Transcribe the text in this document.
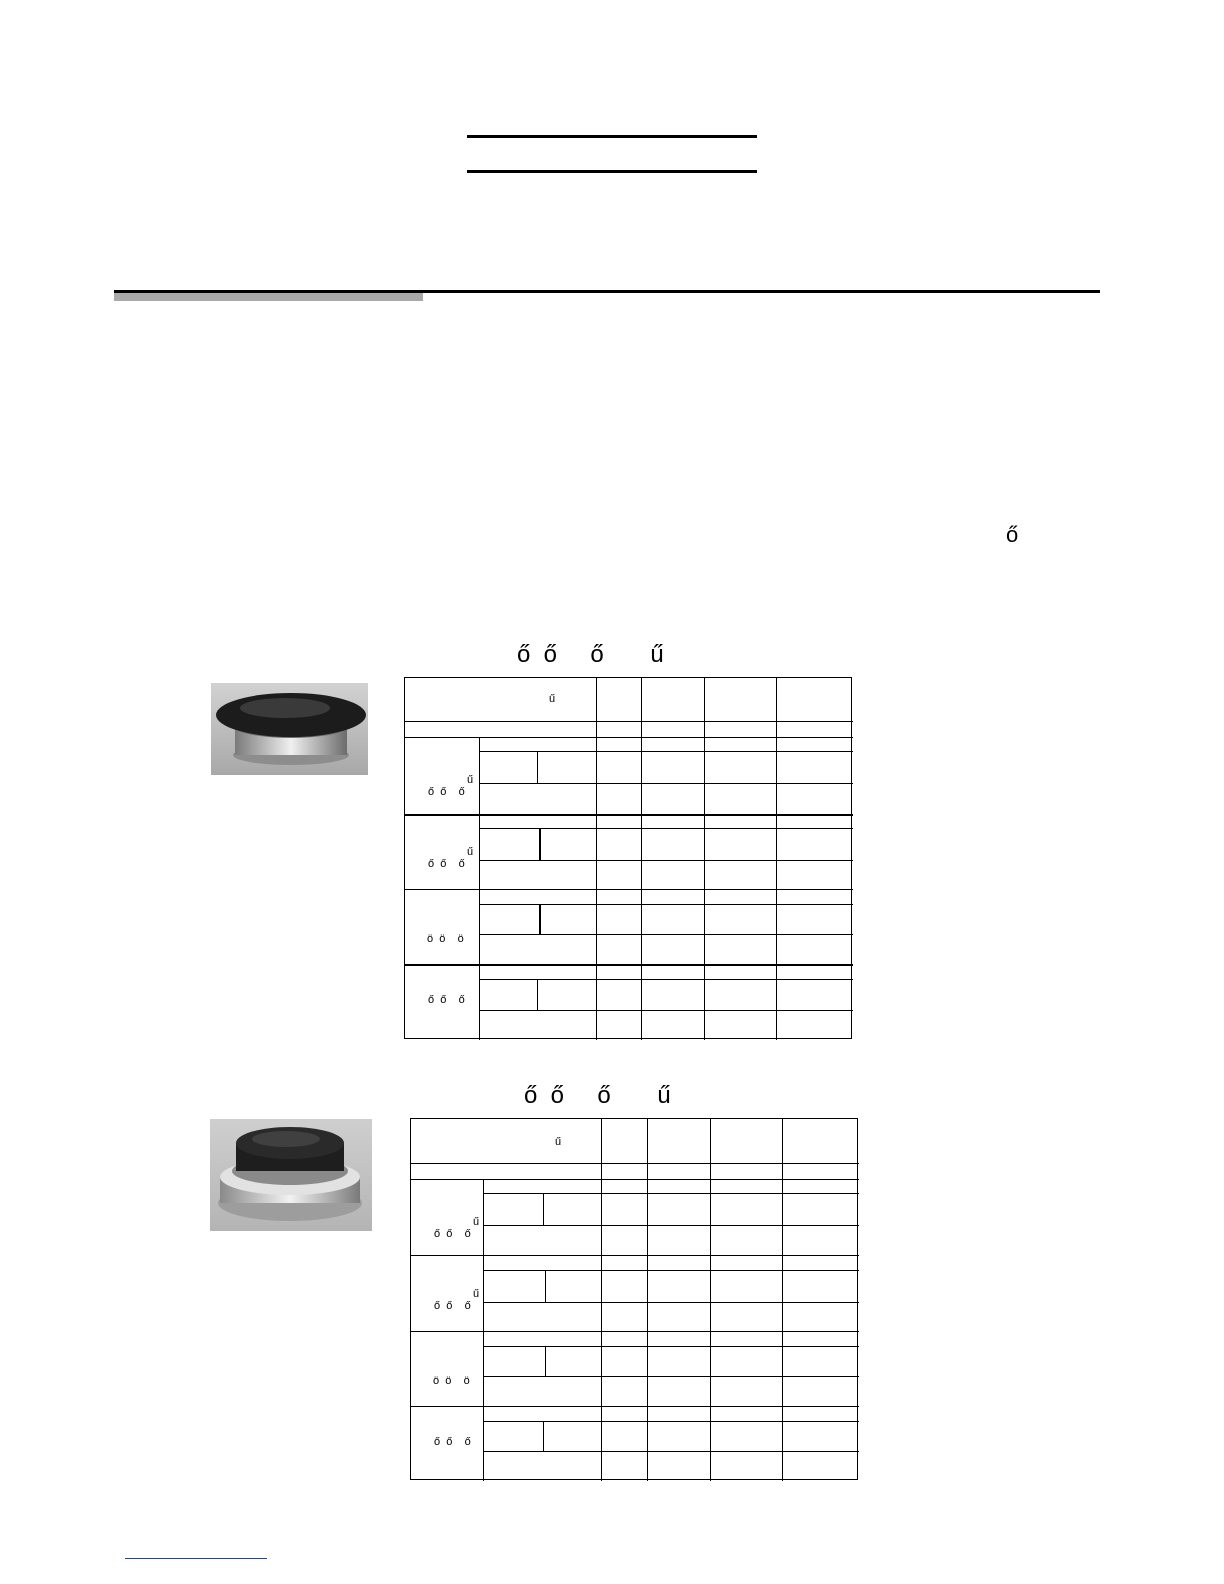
ő
ő  ő     ő       ű
ű
ű
ő  ő    ő
ű
ő  ő    ő
ö  ö    ö
ő  ő    ő
ő  ő     ő       ű
ű
ű
ő  ő    ő
ű
ő  ő    ő
ö  ö    ö
ő  ő    ő
